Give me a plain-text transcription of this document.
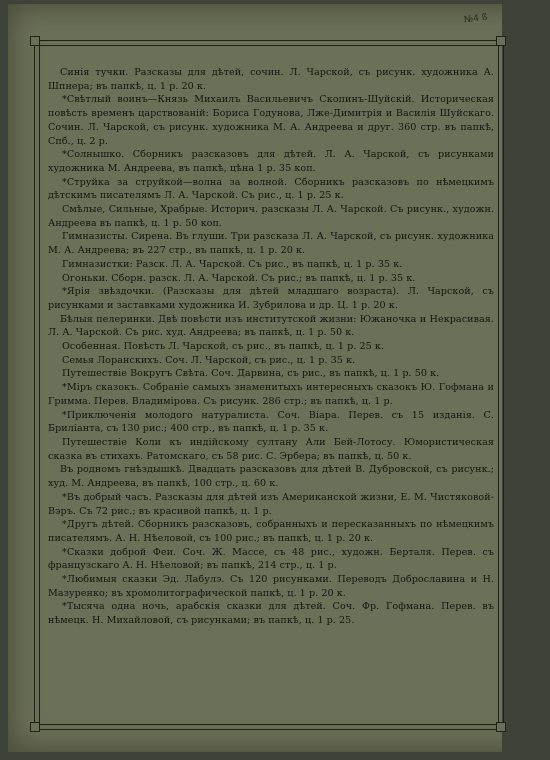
№4 ß

Синія тучки. Разсказы для дѣтей, сочин. Л. Чарской, съ рисунк. художника А. Шпнера; въ папкѣ, ц. 1 р. 20 к.

*Свѣтлый воинъ—Князь Михаилъ Васильевичъ Скопинъ-Шуйскій. Историческая повѣсть временъ царствованій: Бориса Годунова, Лже-Димитрія и Василія Шуйскаго. Сочин. Л. Чарской, съ рисунк. художника М. А. Андреева и друг. 360 стр. въ папкѣ, Спб., ц. 2 р.

*Солнышко. Сборникъ разсказовъ для дѣтей. Л. А. Чарской, съ рисунками художника М. Андреева, въ папкѣ, цѣна 1 р. 35 коп.

*Струйка за струйкой—волна за волной. Сборникъ разсказовъ по нѣмецкимъ дѣтскимъ писателямъ Л. А. Чарской. Съ рис., ц. 1 р. 25 к.

Смѣлые, Сильные, Храбрые. Историч. разсказы Л. А. Чарской. Съ рисунк., художн. Андреева въ папкѣ, ц. 1 р. 50 коп.

Гимназисты. Сирена. Въ глуши. Три разсказа Л. А. Чарской, съ рисунк. художника М. А. Андреева; въ 227 стр., въ папкѣ, ц. 1 р. 20 к.

Гимназистки: Разск. Л. А. Чарской. Съ рис., въ папкѣ, ц. 1 р. 35 к.

Огоньки. Сборн. разск. Л. А. Чарской. Съ рис.; въ папкѣ, ц. 1 р. 35 к.

*Ярія звѣздочки. (Разсказы для дѣтей младшаго возраста). Л. Чарской, съ рисунками и заставками художника И. Зубрилова и др. Ц. 1 р. 20 к.

Бѣлыя пелеринки. Двѣ повѣсти изъ институтской жизни: Южаночка и Некрасивая. Л. А. Чарской. Съ рис. худ. Андреева; въ папкѣ, ц. 1 р. 50 к.

Особенная. Повѣсть Л. Чарской, съ рис., въ папкѣ, ц. 1 р. 25 к.

Семья Лоранскихъ. Соч. Л. Чарской, съ рис., ц. 1 р. 35 к.

Путешествіе Вокругъ Свѣта. Соч. Дарвина, съ рис., въ папкѣ, ц. 1 р. 50 к.

*Міръ сказокъ. Собраніе самыхъ знаменитыхъ интересныхъ сказокъ Ю. Гофмана и Гримма. Перев. Владимірова. Съ рисунк. 286 стр.; въ папкѣ, ц. 1 р.

*Приключенія молодого натуралиста. Соч. Віара. Перев. съ 15 изданія. С. Бриліанта, съ 130 рис.; 400 стр., въ папкѣ, ц. 1 р. 35 к.

Путешествіе Коли къ индійскому султану Али Бей-Лотосу. Юмористическая сказка въ стихахъ. Ратомскаго, съ 58 рис. С. Эрбера; въ папкѣ, ц. 50 к.

Въ родномъ гнѣздышкѣ. Двадцать разсказовъ для дѣтей В. Дубровской, съ рисунк.; худ. М. Андреева, въ папкѣ, 100 стр., ц. 60 к.

*Въ добрый часъ. Разсказы для дѣтей изъ Американской жизни, Е. М. Чистяковой-Вэръ. Съ 72 рис.; въ красивой папкѣ, ц. 1 р.

*Другъ дѣтей. Сборникъ разсказовъ, собранныхъ и пересказанныхъ по нѣмецкимъ писателямъ. А. Н. Нѣеловой, съ 100 рис.; въ папкѣ, ц. 1 р. 20 к.

*Сказки доброй Феи. Соч. Ж. Массе, съ 48 рис., художн. Берталя. Перев. съ французскаго А. Н. Нѣеловой; въ папкѣ, 214 стр., ц. 1 р.

*Любимыя сказки Эд. Лабулэ. Съ 120 рисунками. Переводъ Доброславина и Н. Мазуренко; въ хромолитографической папкѣ, ц. 1 р. 20 к.

*Тысяча одна ночь, арабскія сказки для дѣтей. Соч. Фр. Гофмана. Перев. въ нѣмецк. Н. Михайловой, съ рисунками; въ папкѣ, ц. 1 р. 25.
